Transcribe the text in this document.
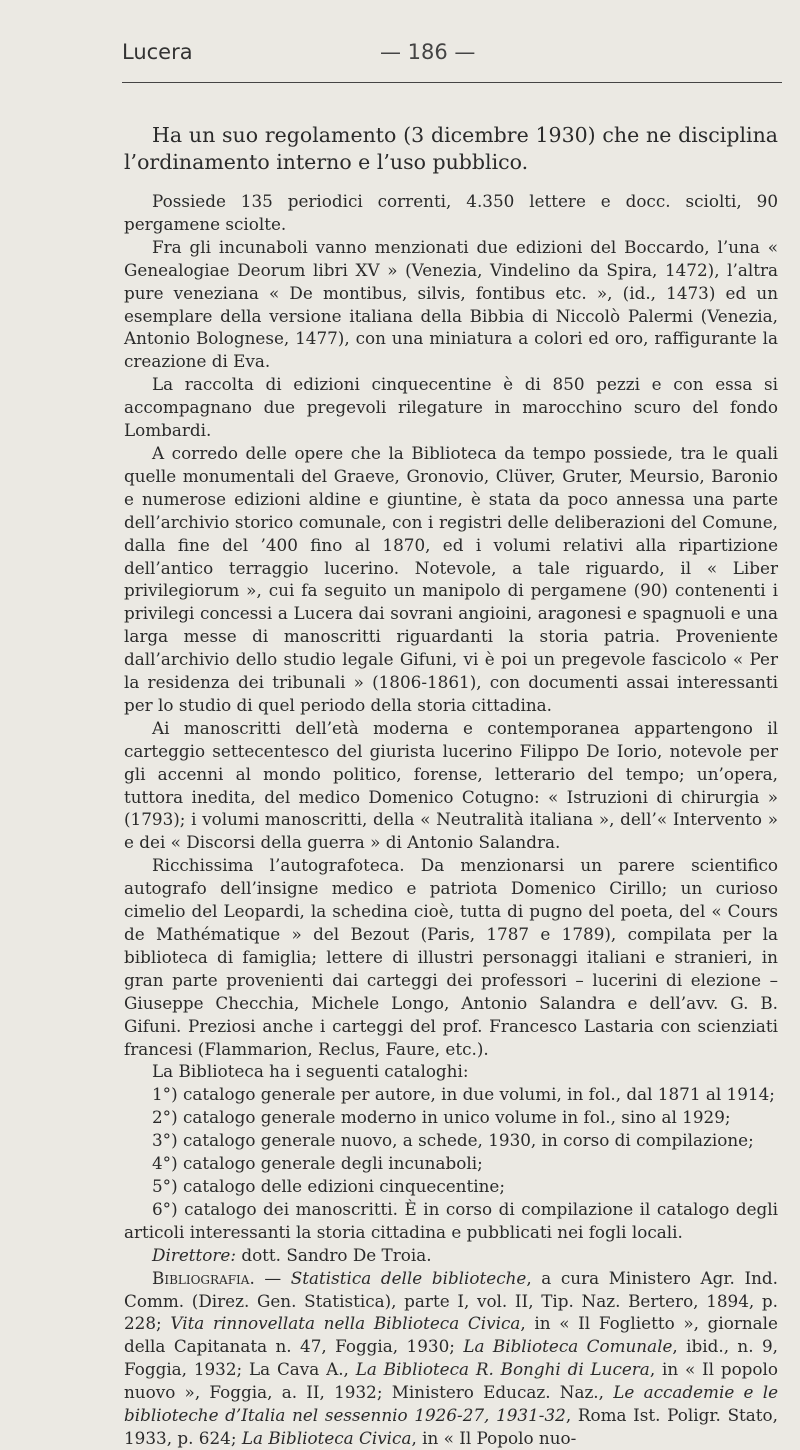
Lucera	— 186 —

Ha un suo regolamento (3 dicembre 1930) che ne disciplina l’ordinamento interno e l’uso pubblico.

Possiede 135 periodici correnti, 4.350 lettere e docc. sciolti, 90 pergamene sciolte.

Fra gli incunaboli vanno menzionati due edizioni del Boccardo, l’una « Genealogiae Deorum libri XV » (Venezia, Vindelino da Spira, 1472), l’altra pure veneziana « De montibus, silvis, fontibus etc. », (id., 1473) ed un esemplare della versione italiana della Bibbia di Niccolò Palermi (Venezia, Antonio Bolognese, 1477), con una miniatura a colori ed oro, raffigurante la creazione di Eva.

La raccolta di edizioni cinquecentine è di 850 pezzi e con essa si accompagnano due pregevoli rilegature in marocchino scuro del fondo Lombardi.

A corredo delle opere che la Biblioteca da tempo possiede, tra le quali quelle monumentali del Graeve, Gronovio, Clüver, Gruter, Meursio, Baronio e numerose edizioni aldine e giuntine, è stata da poco annessa una parte dell’archivio storico comunale, con i registri delle deliberazioni del Comune, dalla fine del ’400 fino al 1870, ed i volumi relativi alla ripartizione dell’antico terraggio lucerino. Notevole, a tale riguardo, il « Liber privilegiorum », cui fa seguito un manipolo di pergamene (90) contenenti i privilegi concessi a Lucera dai sovrani angioini, aragonesi e spagnuoli e una larga messe di manoscritti riguardanti la storia patria. Proveniente dall’archivio dello studio legale Gifuni, vi è poi un pregevole fascicolo « Per la residenza dei tribunali » (1806-1861), con documenti assai interessanti per lo studio di quel periodo della storia cittadina.

Ai manoscritti dell’età moderna e contemporanea appartengono il carteggio settecentesco del giurista lucerino Filippo De Iorio, notevole per gli accenni al mondo politico, forense, letterario del tempo; un’opera, tuttora inedita, del medico Domenico Cotugno: « Istruzioni di chirurgia » (1793); i volumi manoscritti, della « Neutralità italiana », dell’« Intervento » e dei « Discorsi della guerra » di Antonio Salandra.

Ricchissima l’autografoteca. Da menzionarsi un parere scientifico autografo dell’insigne medico e patriota Domenico Cirillo; un curioso cimelio del Leopardi, la schedina cioè, tutta di pugno del poeta, del « Cours de Mathématique » del Bezout (Paris, 1787 e 1789), compilata per la biblioteca di famiglia; lettere di illustri personaggi italiani e stranieri, in gran parte provenienti dai carteggi dei professori – lucerini di elezione – Giuseppe Checchia, Michele Longo, Antonio Salandra e dell’avv. G. B. Gifuni. Preziosi anche i carteggi del prof. Francesco Lastaria con scienziati francesi (Flammarion, Reclus, Faure, etc.).

La Biblioteca ha i seguenti cataloghi:

1°) catalogo generale per autore, in due volumi, in fol., dal 1871 al 1914;

2°) catalogo generale moderno in unico volume in fol., sino al 1929;

3°) catalogo generale nuovo, a schede, 1930, in corso di compilazione;

4°) catalogo generale degli incunaboli;

5°) catalogo delle edizioni cinquecentine;

6°) catalogo dei manoscritti. È in corso di compilazione il catalogo degli articoli interessanti la storia cittadina e pubblicati nei fogli locali.

Direttore: dott. Sandro De Troia.

Bibliografia. — Statistica delle biblioteche, a cura Ministero Agr. Ind. Comm. (Direz. Gen. Statistica), parte I, vol. II, Tip. Naz. Bertero, 1894, p. 228; Vita rinnovellata nella Biblioteca Civica, in « Il Foglietto », giornale della Capitanata n. 47, Foggia, 1930; La Biblioteca Comunale, ibid., n. 9, Foggia, 1932; La Cava A., La Biblioteca R. Bonghi di Lucera, in « Il popolo nuovo », Foggia, a. II, 1932; Ministero Educaz. Naz., Le accademie e le biblioteche d’Italia nel sessennio 1926-27, 1931-32, Roma Ist. Poligr. Stato, 1933, p. 624; La Biblioteca Civica, in « Il Popolo nuo-
